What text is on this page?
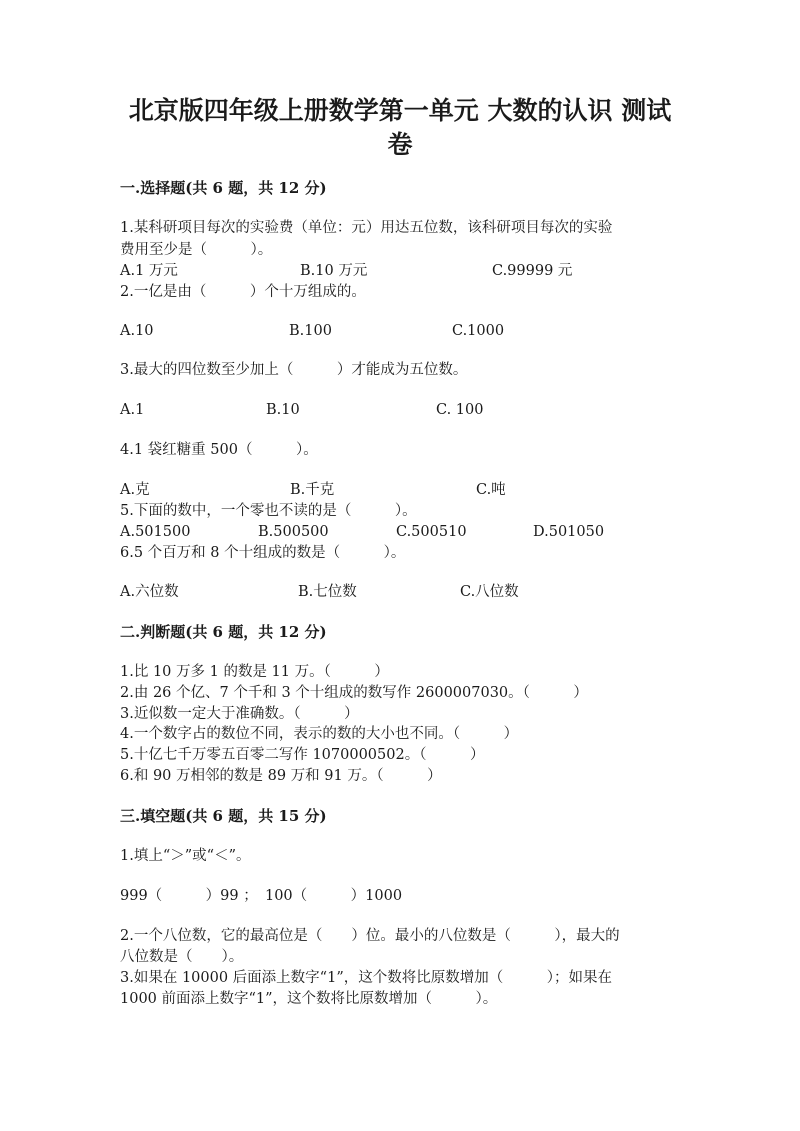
北京版四年级上册数学第一单元 大数的认识 测试
卷
一.选择题(共 6 题，共 12 分)
1.某科研项目每次的实验费（单位：元）用达五位数，该科研项目每次的实验
费用至少是（　　　）。
A.1 万元	B.10 万元	C.99999 元
2.一亿是由（　　　）个十万组成的。
A.10	B.100	C.1000
3.最大的四位数至少加上（　　　）才能成为五位数。
A.1	B.10	C. 100
4.1 袋红糖重 500（　　　）。
A.克	B.千克	C.吨
5.下面的数中，一个零也不读的是（　　　）。
A.501500	B.500500	C.500510	D.501050
6.5 个百万和 8 个十组成的数是（　　　）。
A.六位数	B.七位数	C.八位数
二.判断题(共 6 题，共 12 分)
1.比 10 万多 1 的数是 11 万。（　　　）
2.由 26 个亿、7 个千和 3 个十组成的数写作 2600007030。（　　　）
3.近似数一定大于准确数。（　　　）
4.一个数字占的数位不同，表示的数的大小也不同。（　　　）
5.十亿七千万零五百零二写作 1070000502。（　　　）
6.和 90 万相邻的数是 89 万和 91 万。（　　　）
三.填空题(共 6 题，共 15 分)
1.填上“＞”或“＜”。
999（　　　）99 ；　100（　　　）1000
2.一个八位数，它的最高位是（　　）位。最小的八位数是（　　　），最大的
八位数是（　　）。
3.如果在 10000 后面添上数字“1”，这个数将比原数增加（　　　）；如果在
1000 前面添上数字“1”，这个数将比原数增加（　　　）。
